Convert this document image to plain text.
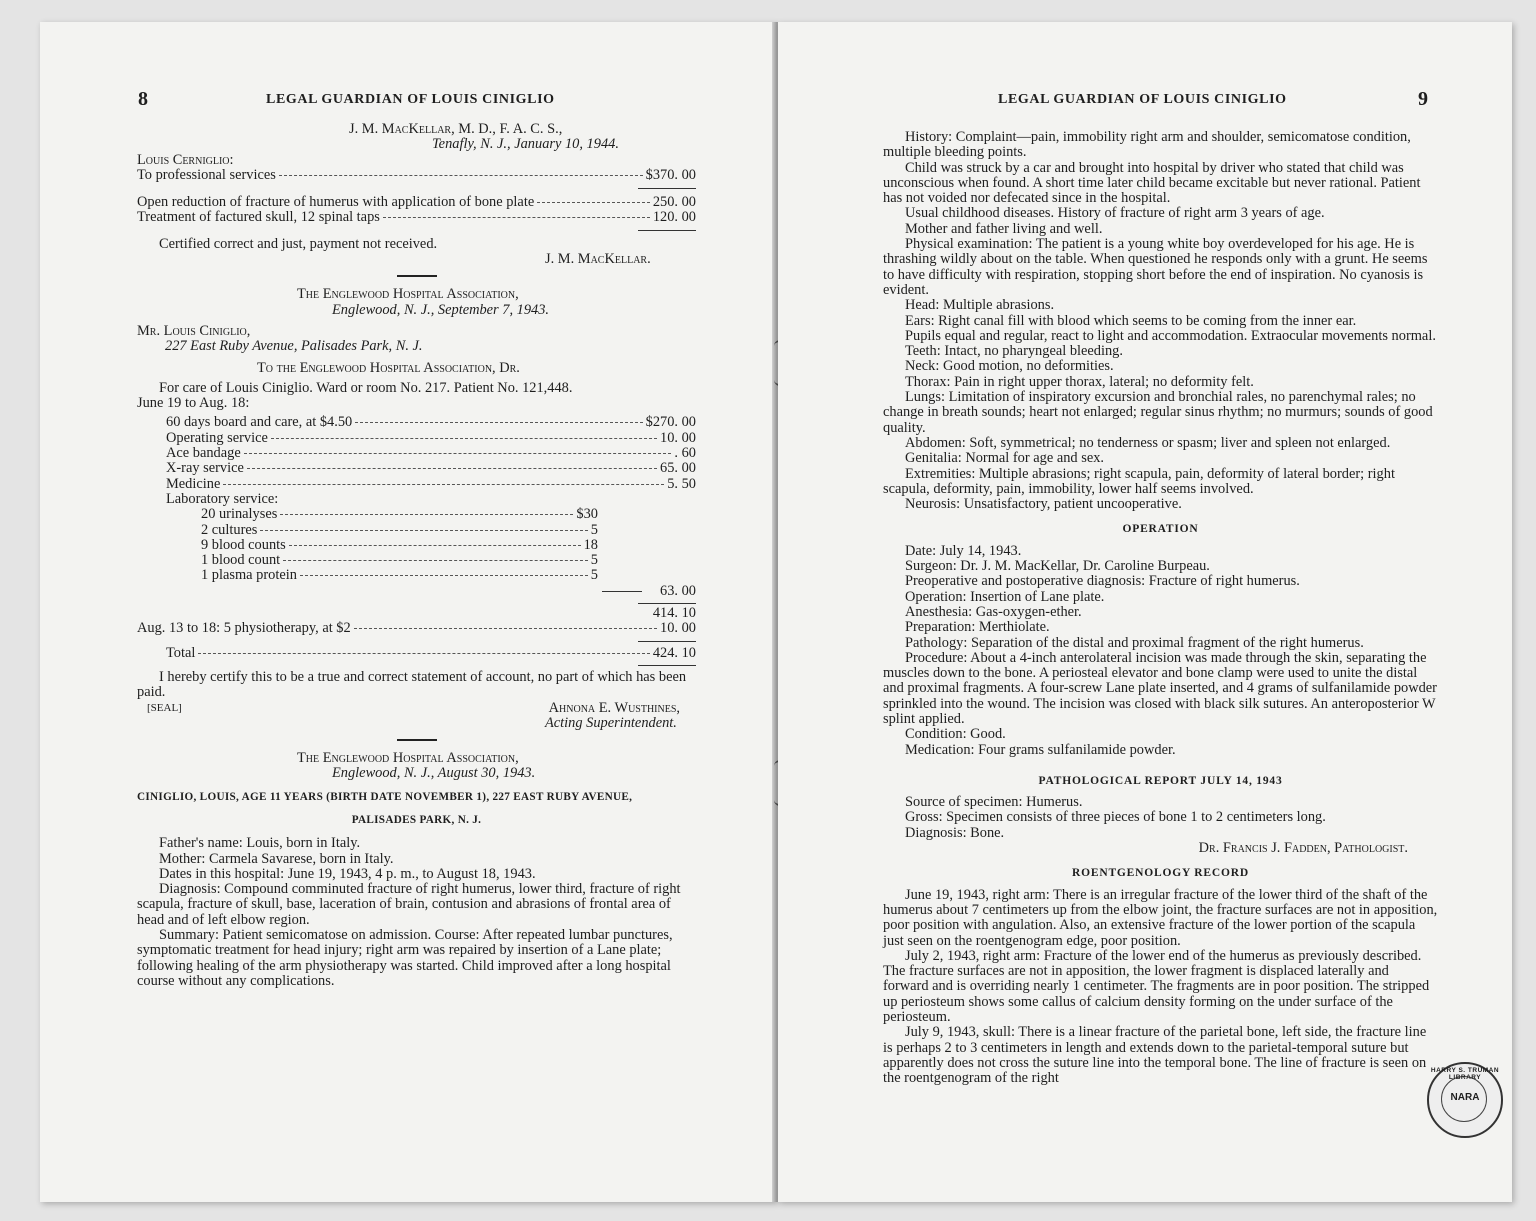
8	LEGAL GUARDIAN OF LOUIS CINIGLIO

J. M. MacKellar, M. D., F. A. C. S.,

Tenafly, N. J., January 10, 1944.

Louis Cerniglio:

To professional services	$370. 00
Open reduction of fracture of humerus with application of bone plate	250. 00
Treatment of factured skull, 12 spinal taps	120. 00

Certified correct and just, payment not received.

J. M. MacKellar.

The Englewood Hospital Association,

Englewood, N. J., September 7, 1943.

Mr. Louis Ciniglio,

227 East Ruby Avenue, Palisades Park, N. J.

To the Englewood Hospital Association, Dr.

For care of Louis Ciniglio. Ward or room No. 217. Patient No. 121,448.

June 19 to Aug. 18:

60 days board and care, at $4.50	$270. 00
Operating service	10. 00
Ace bandage	. 60
X-ray service	65. 00
Medicine	5. 50

Laboratory service:

20 urinalyses	$30
2 cultures	5
9 blood counts	18
1 blood count	5
1 plasma protein	5
63. 00

414. 10

Aug. 13 to 18: 5 physiotherapy, at $2	10. 00
Total	424. 10

I hereby certify this to be a true and correct statement of account, no part of which has been paid.

[SEAL]	Ahnona E. Wusthines,

Acting Superintendent.

The Englewood Hospital Association,

Englewood, N. J., August 30, 1943.

CINIGLIO, LOUIS, AGE 11 YEARS (BIRTH DATE NOVEMBER 1), 227 EAST RUBY AVENUE,

PALISADES PARK, N. J.

Father's name: Louis, born in Italy.

Mother: Carmela Savarese, born in Italy.

Dates in this hospital: June 19, 1943, 4 p. m., to August 18, 1943.

Diagnosis: Compound comminuted fracture of right humerus, lower third, fracture of right scapula, fracture of skull, base, laceration of brain, contusion and abrasions of frontal area of head and of left elbow region.

Summary: Patient semicomatose on admission. Course: After repeated lumbar punctures, symptomatic treatment for head injury; right arm was repaired by insertion of a Lane plate; following healing of the arm physiotherapy was started. Child improved after a long hospital course without any complications.

LEGAL GUARDIAN OF LOUIS CINIGLIO	9

History: Complaint—pain, immobility right arm and shoulder, semicomatose condition, multiple bleeding points.

Child was struck by a car and brought into hospital by driver who stated that child was unconscious when found. A short time later child became excitable but never rational. Patient has not voided nor defecated since in the hospital.

Usual childhood diseases. History of fracture of right arm 3 years of age.

Mother and father living and well.

Physical examination: The patient is a young white boy overdeveloped for his age. He is thrashing wildly about on the table. When questioned he responds only with a grunt. He seems to have difficulty with respiration, stopping short before the end of inspiration. No cyanosis is evident.

Head: Multiple abrasions.

Ears: Right canal fill with blood which seems to be coming from the inner ear.

Pupils equal and regular, react to light and accommodation. Extraocular movements normal.

Teeth: Intact, no pharyngeal bleeding.

Neck: Good motion, no deformities.

Thorax: Pain in right upper thorax, lateral; no deformity felt.

Lungs: Limitation of inspiratory excursion and bronchial rales, no parenchymal rales; no change in breath sounds; heart not enlarged; regular sinus rhythm; no murmurs; sounds of good quality.

Abdomen: Soft, symmetrical; no tenderness or spasm; liver and spleen not enlarged.

Genitalia: Normal for age and sex.

Extremities: Multiple abrasions; right scapula, pain, deformity of lateral border; right scapula, deformity, pain, immobility, lower half seems involved.

Neurosis: Unsatisfactory, patient uncooperative.

OPERATION

Date: July 14, 1943.

Surgeon: Dr. J. M. MacKellar, Dr. Caroline Burpeau.

Preoperative and postoperative diagnosis: Fracture of right humerus.

Operation: Insertion of Lane plate.

Anesthesia: Gas-oxygen-ether.

Preparation: Merthiolate.

Pathology: Separation of the distal and proximal fragment of the right humerus.

Procedure: About a 4-inch anterolateral incision was made through the skin, separating the muscles down to the bone. A periosteal elevator and bone clamp were used to unite the distal and proximal fragments. A four-screw Lane plate inserted, and 4 grams of sulfanilamide powder sprinkled into the wound. The incision was closed with black silk sutures. An anteroposterior W splint applied.

Condition: Good.

Medication: Four grams sulfanilamide powder.

PATHOLOGICAL REPORT JULY 14, 1943

Source of specimen: Humerus.

Gross: Specimen consists of three pieces of bone 1 to 2 centimeters long.

Diagnosis: Bone.

Dr. Francis J. Fadden, Pathologist.

ROENTGENOLOGY RECORD

June 19, 1943, right arm: There is an irregular fracture of the lower third of the shaft of the humerus about 7 centimeters up from the elbow joint, the fracture surfaces are not in apposition, poor position with angulation. Also, an extensive fracture of the lower portion of the scapula just seen on the roentgenogram edge, poor position.

July 2, 1943, right arm: Fracture of the lower end of the humerus as previously described. The fracture surfaces are not in apposition, the lower fragment is displaced laterally and forward and is overriding nearly 1 centimeter. The fragments are in poor position. The stripped up periosteum shows some callus of calcium density forming on the under surface of the periosteum.

July 9, 1943, skull: There is a linear fracture of the parietal bone, left side, the fracture line is perhaps 2 to 3 centimeters in length and extends down to the parietal-temporal suture but apparently does not cross the suture line into the temporal bone. The line of fracture is seen on the roentgenogram of the right	HARRY S. TRUMAN LIBRARY
NARA
